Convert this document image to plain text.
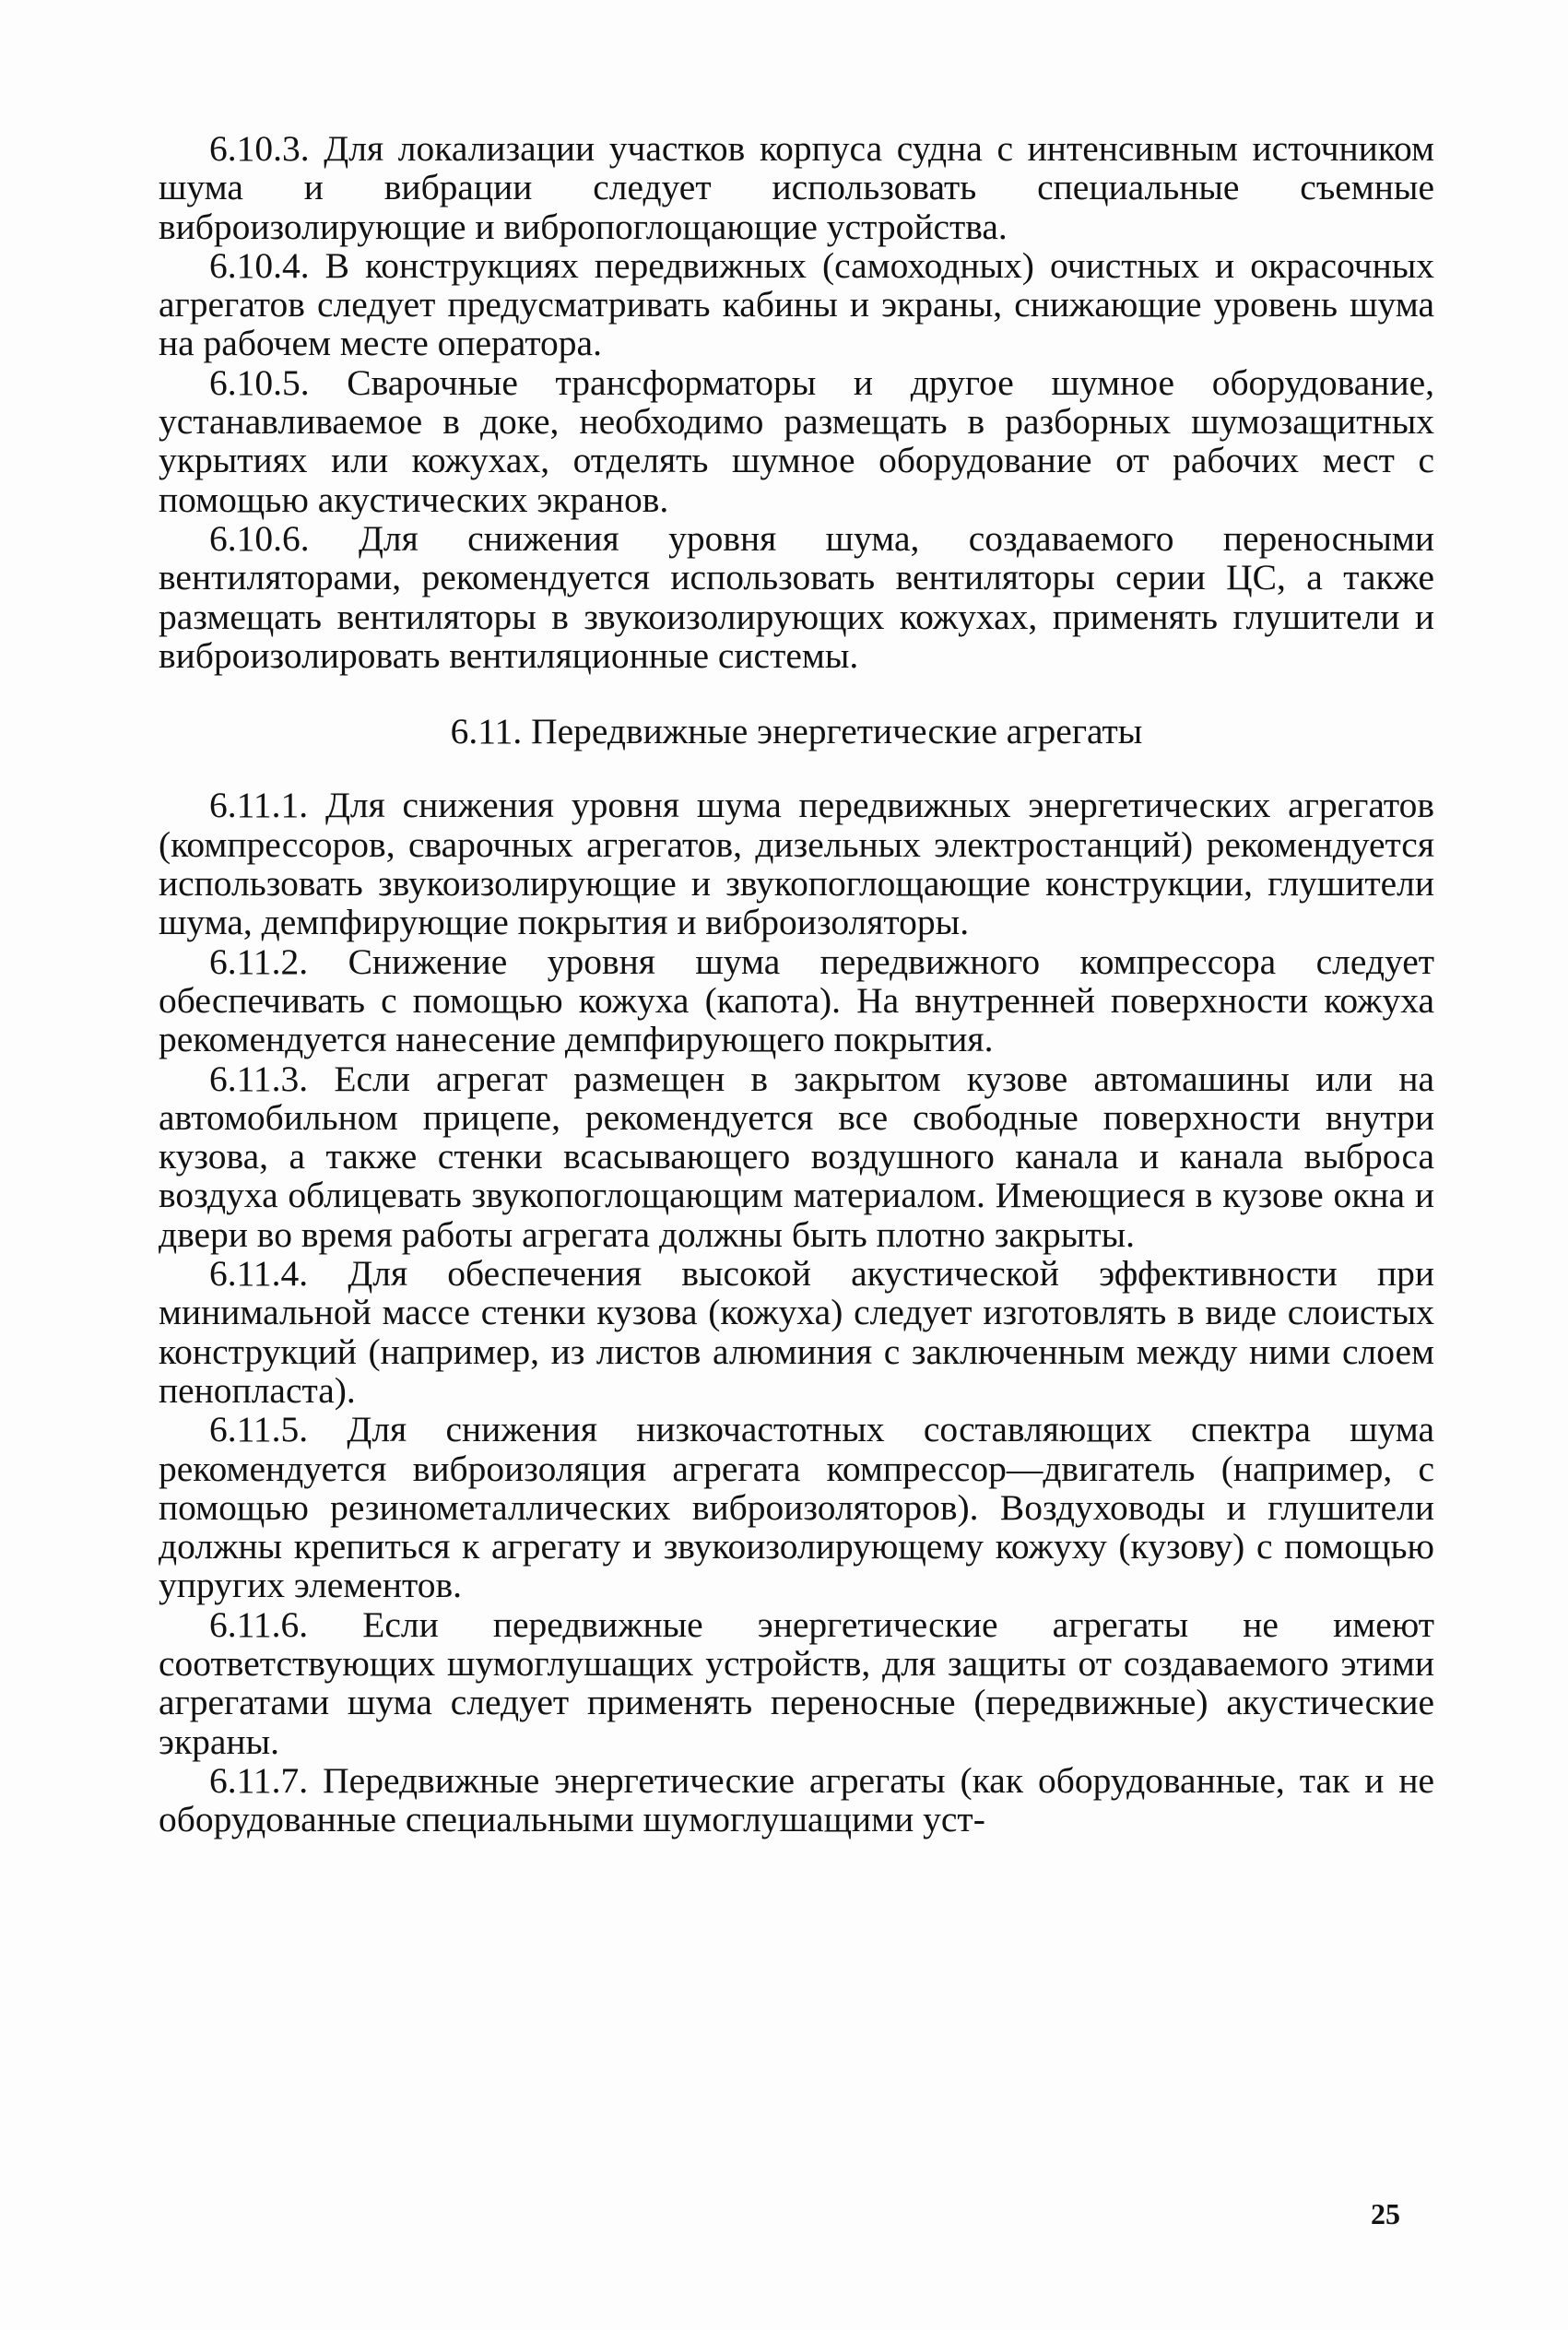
6.10.3. Для локализации участков корпуса судна с интенсивным источником шума и вибрации следует использовать специальные съемные виброизолирующие и вибропоглощающие устройства.

6.10.4. В конструкциях передвижных (самоходных) очистных и окрасочных агрегатов следует предусматривать кабины и экраны, снижающие уровень шума на рабочем месте оператора.

6.10.5. Сварочные трансформаторы и другое шумное оборудование, устанавливаемое в доке, необходимо размещать в разборных шумозащитных укрытиях или кожухах, отделять шумное оборудование от рабочих мест с помощью акустических экранов.

6.10.6. Для снижения уровня шума, создаваемого переносными вентиляторами, рекомендуется использовать вентиляторы серии ЦС, а также размещать вентиляторы в звукоизолирующих кожухах, применять глушители и виброизолировать вентиляционные системы.

6.11. Передвижные энергетические агрегаты

6.11.1. Для снижения уровня шума передвижных энергетических агрегатов (компрессоров, сварочных агрегатов, дизельных электростанций) рекомендуется использовать звукоизолирующие и звукопоглощающие конструкции, глушители шума, демпфирующие покрытия и виброизоляторы.

6.11.2. Снижение уровня шума передвижного компрессора следует обеспечивать с помощью кожуха (капота). На внутренней поверхности кожуха рекомендуется нанесение демпфирующего покрытия.

6.11.3. Если агрегат размещен в закрытом кузове автомашины или на автомобильном прицепе, рекомендуется все свободные поверхности внутри кузова, а также стенки всасывающего воздушного канала и канала выброса воздуха облицевать звукопоглощающим материалом. Имеющиеся в кузове окна и двери во время работы агрегата должны быть плотно закрыты.

6.11.4. Для обеспечения высокой акустической эффективности при минимальной массе стенки кузова (кожуха) следует изготовлять в виде слоистых конструкций (например, из листов алюминия с заключенным между ними слоем пенопласта).

6.11.5. Для снижения низкочастотных составляющих спектра шума рекомендуется виброизоляция агрегата компрессор—двигатель (например, с помощью резинометаллических виброизоляторов). Воздуховоды и глушители должны крепиться к агрегату и звукоизолирующему кожуху (кузову) с помощью упругих элементов.

6.11.6. Если передвижные энергетические агрегаты не имеют соответствующих шумоглушащих устройств, для защиты от создаваемого этими агрегатами шума следует применять переносные (передвижные) акустические экраны.

6.11.7. Передвижные энергетические агрегаты (как оборудованные, так и не оборудованные специальными шумоглушащими уст-

25
